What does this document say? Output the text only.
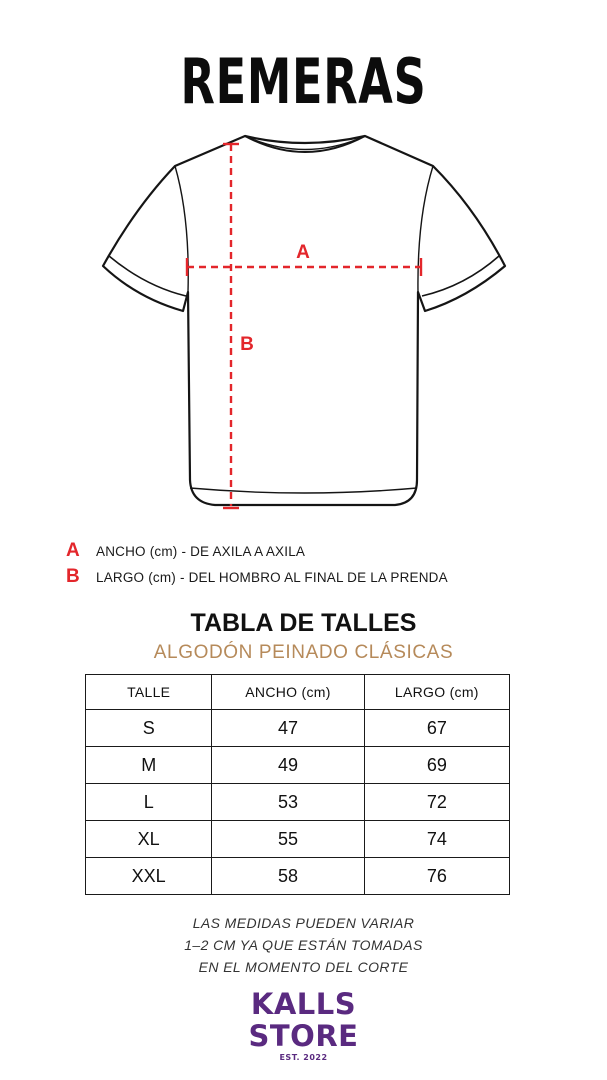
REMERAS
A
B
A	ANCHO (cm) - DE AXILA A AXILA
B	LARGO (cm) - DEL HOMBRO AL FINAL DE LA PRENDA
TABLA DE TALLES
ALGODÓN PEINADO CLÁSICAS
TALLE	ANCHO (cm)	LARGO (cm)
S	47	67
M	49	69
L	53	72
XL	55	74
XXL	58	76
LAS MEDIDAS PUEDEN VARIAR
1–2 CM YA QUE ESTÁN TOMADAS
EN EL MOMENTO DEL CORTE
KALLS
STORE
EST. 2022
